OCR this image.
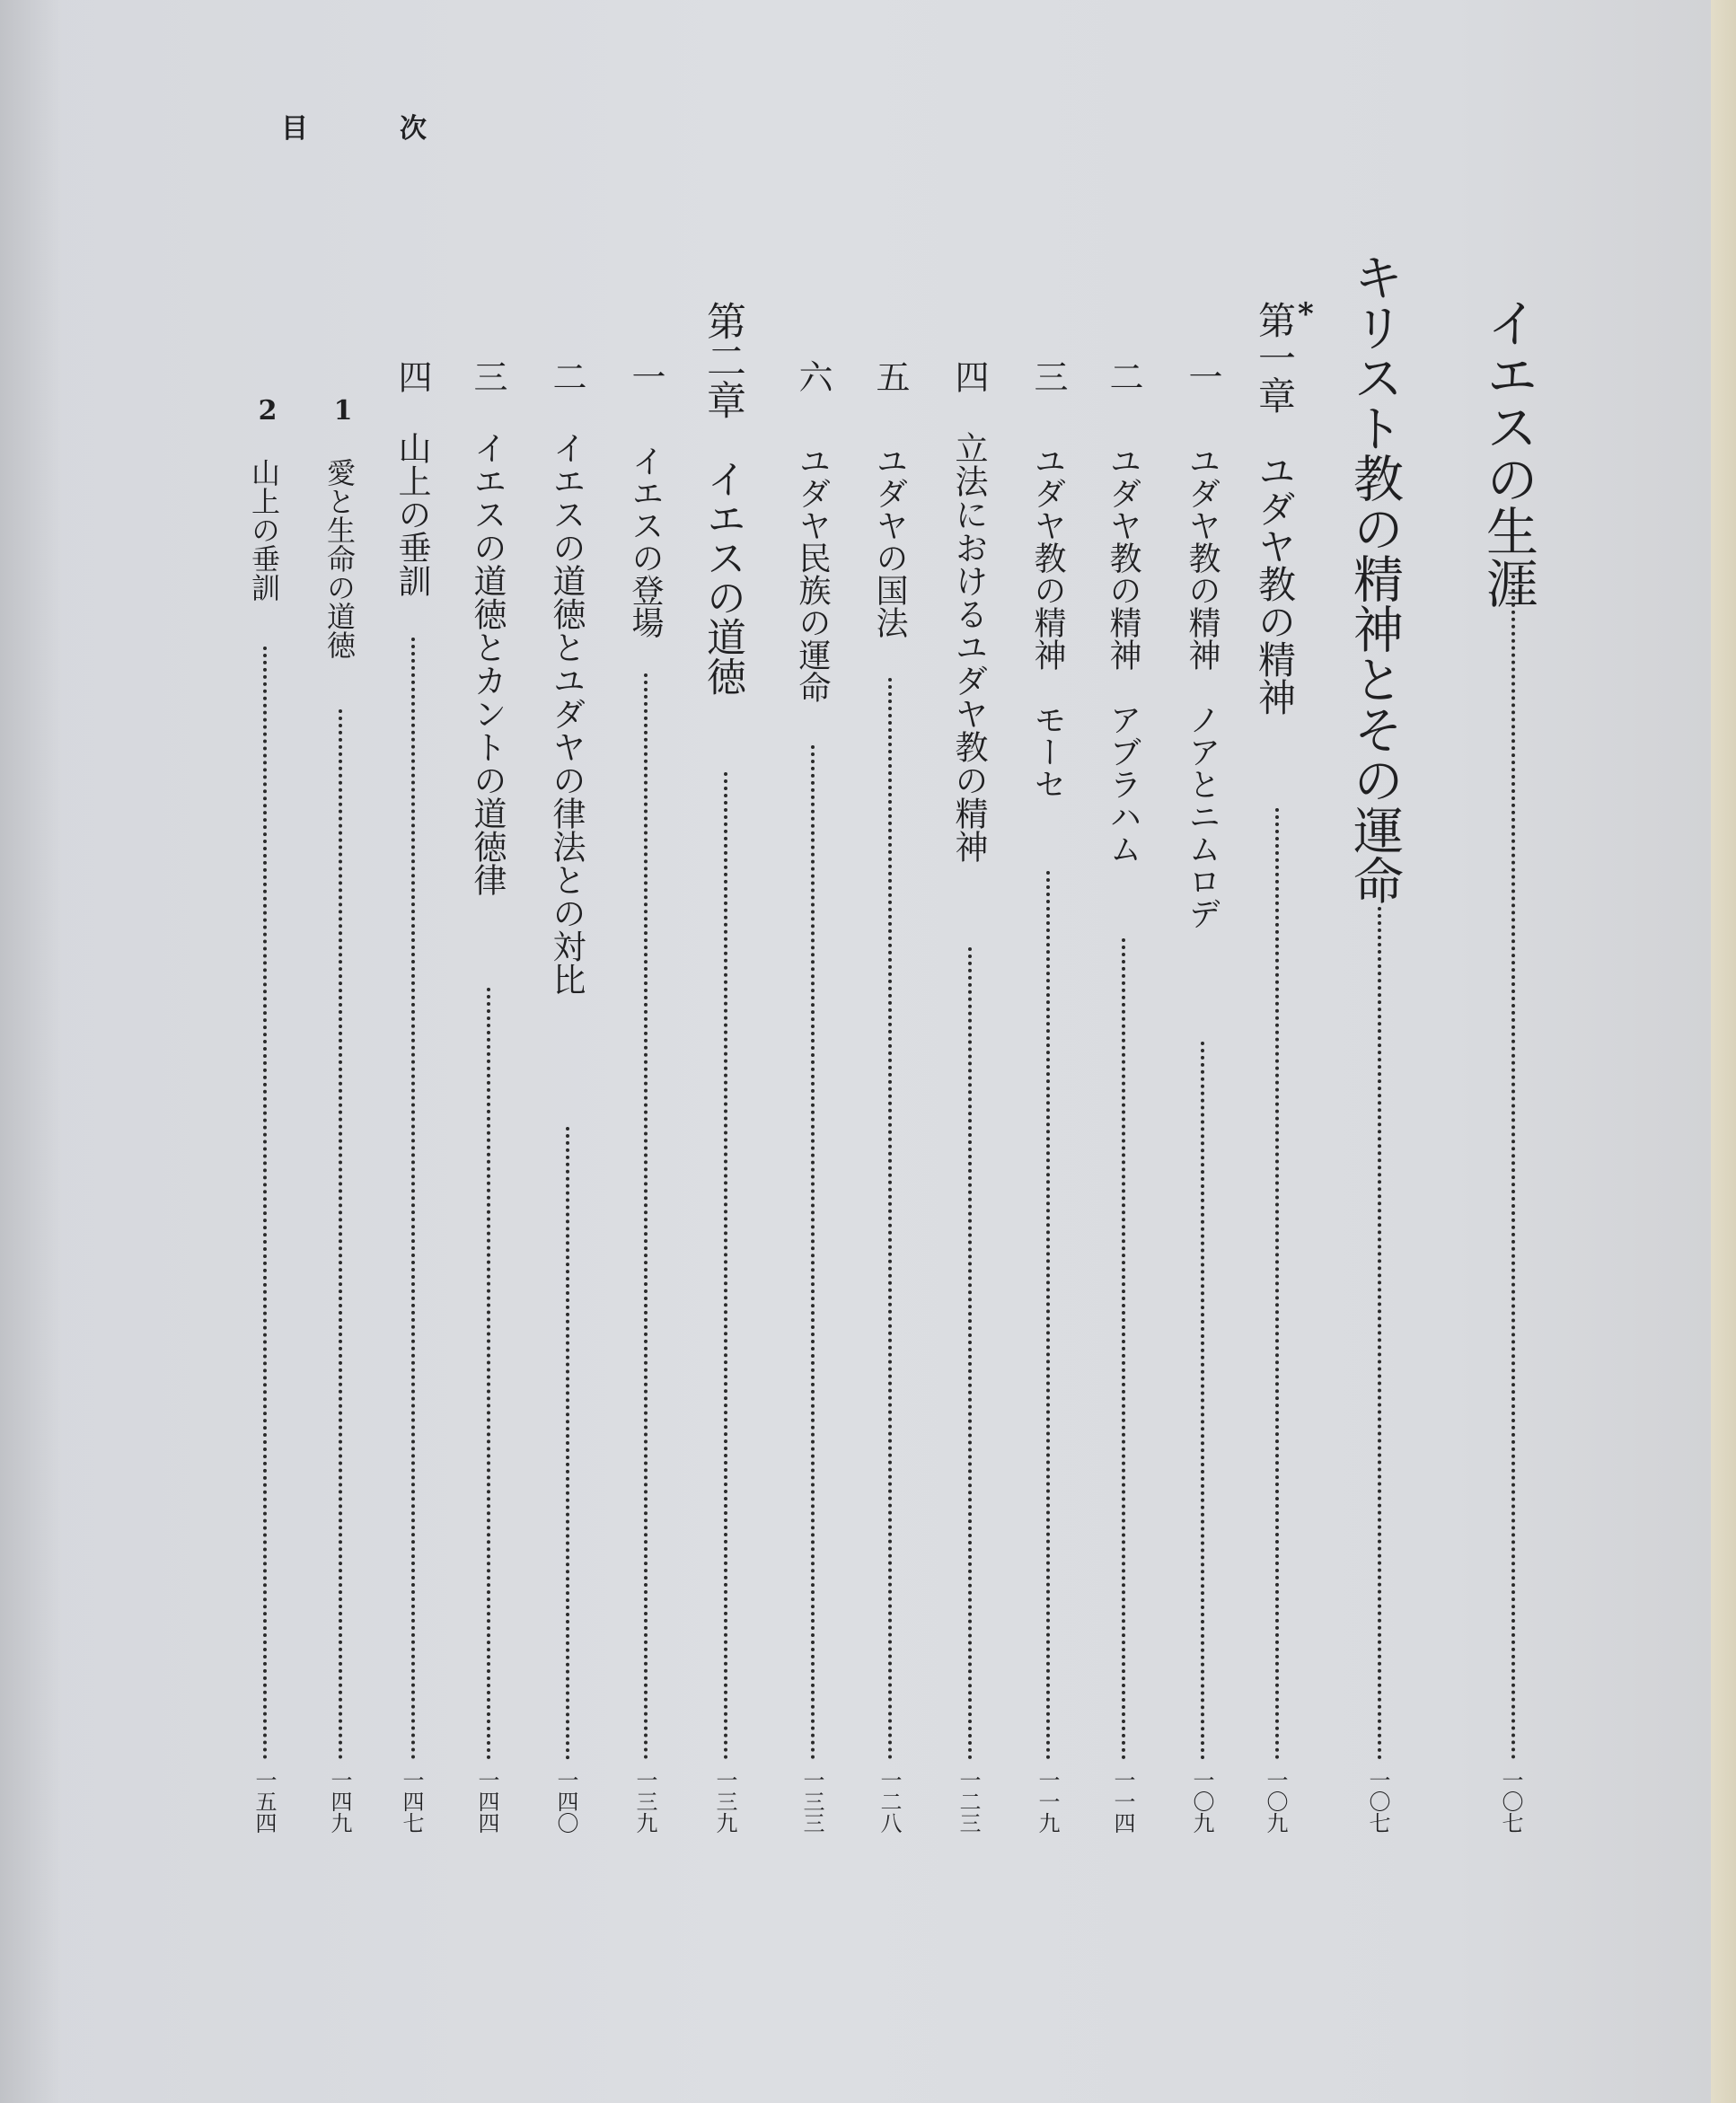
目	次
イエスの生涯
一〇七
キリスト教の精神とその運命
一〇七
*
第一章　ユダヤ教の精神
一〇九
一
ユダヤ教の精神　ノアとニムロデ
一〇九
二
ユダヤ教の精神　アブラハム
一一四
三
ユダヤ教の精神　モーセ
一一九
四
立法におけるユダヤ教の精神
一二三
五
ユダヤの国法
一二八
六
ユダヤ民族の運命
一三三
第二章　イエスの道徳
一三九
一
イエスの登場
一三九
二
イエスの道徳とユダヤの律法との対比
一四〇
三
イエスの道徳とカントの道徳律
一四四
四
山上の垂訓
一四七
1
愛と生命の道徳
一四九
2
山上の垂訓
一五四
